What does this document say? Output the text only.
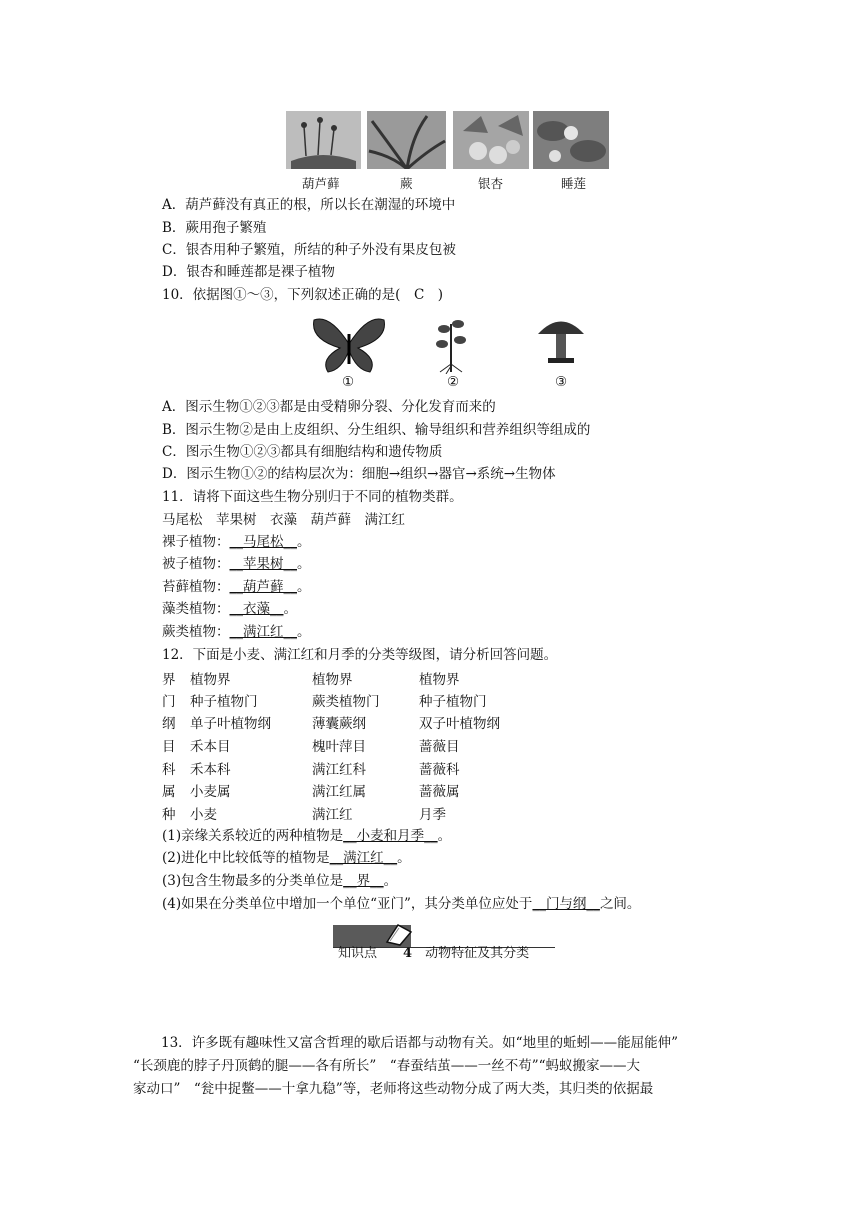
葫芦藓	蕨	银杏	睡莲
A．葫芦藓没有真正的根，所以长在潮湿的环境中
B．蕨用孢子繁殖
C．银杏用种子繁殖，所结的种子外没有果皮包被
D．银杏和睡莲都是裸子植物
10．依据图①～③，下列叙述正确的是(　C　)
①	②	③
A．图示生物①②③都是由受精卵分裂、分化发育而来的
B．图示生物②是由上皮组织、分生组织、输导组织和营养组织等组成的
C．图示生物①②③都具有细胞结构和遗传物质
D．图示生物①②的结构层次为：细胞→组织→器官→系统→生物体
11．请将下面这些生物分别归于不同的植物类群。
马尾松　苹果树　衣藻　葫芦藓　满江红
裸子植物：__马尾松__。
被子植物：__苹果树__。
苔藓植物：__葫芦藓__。
藻类植物：__衣藻__。
蕨类植物：__满江红__。
12．下面是小麦、满江红和月季的分类等级图，请分析回答问题。
界 植物界	植物界	植物界
门 种子植物门	蕨类植物门	种子植物门
纲 单子叶植物纲	薄囊蕨纲	双子叶植物纲
目 禾本目	槐叶萍目	蔷薇目
科 禾本科	满江红科	蔷薇科
属 小麦属	满江红属	蔷薇属
种 小麦	满江红	月季
(1)亲缘关系较近的两种植物是__小麦和月季__。
(2)进化中比较低等的植物是__满江红__。
(3)包含生物最多的分类单位是__界__。
(4)如果在分类单位中增加一个单位“亚门”，其分类单位应处于__门与纲__之间。
知识点　　 4　 动物特征及其分类
13．许多既有趣味性又富含哲理的歇后语都与动物有关。如“地里的蚯蚓——能屈能伸”
“长颈鹿的脖子丹顶鹤的腿——各有所长”　“春蚕结茧——一丝不苟”“蚂蚁搬家——大
家动口”　“瓮中捉鳖——十拿九稳”等，老师将这些动物分成了两大类，其归类的依据最
